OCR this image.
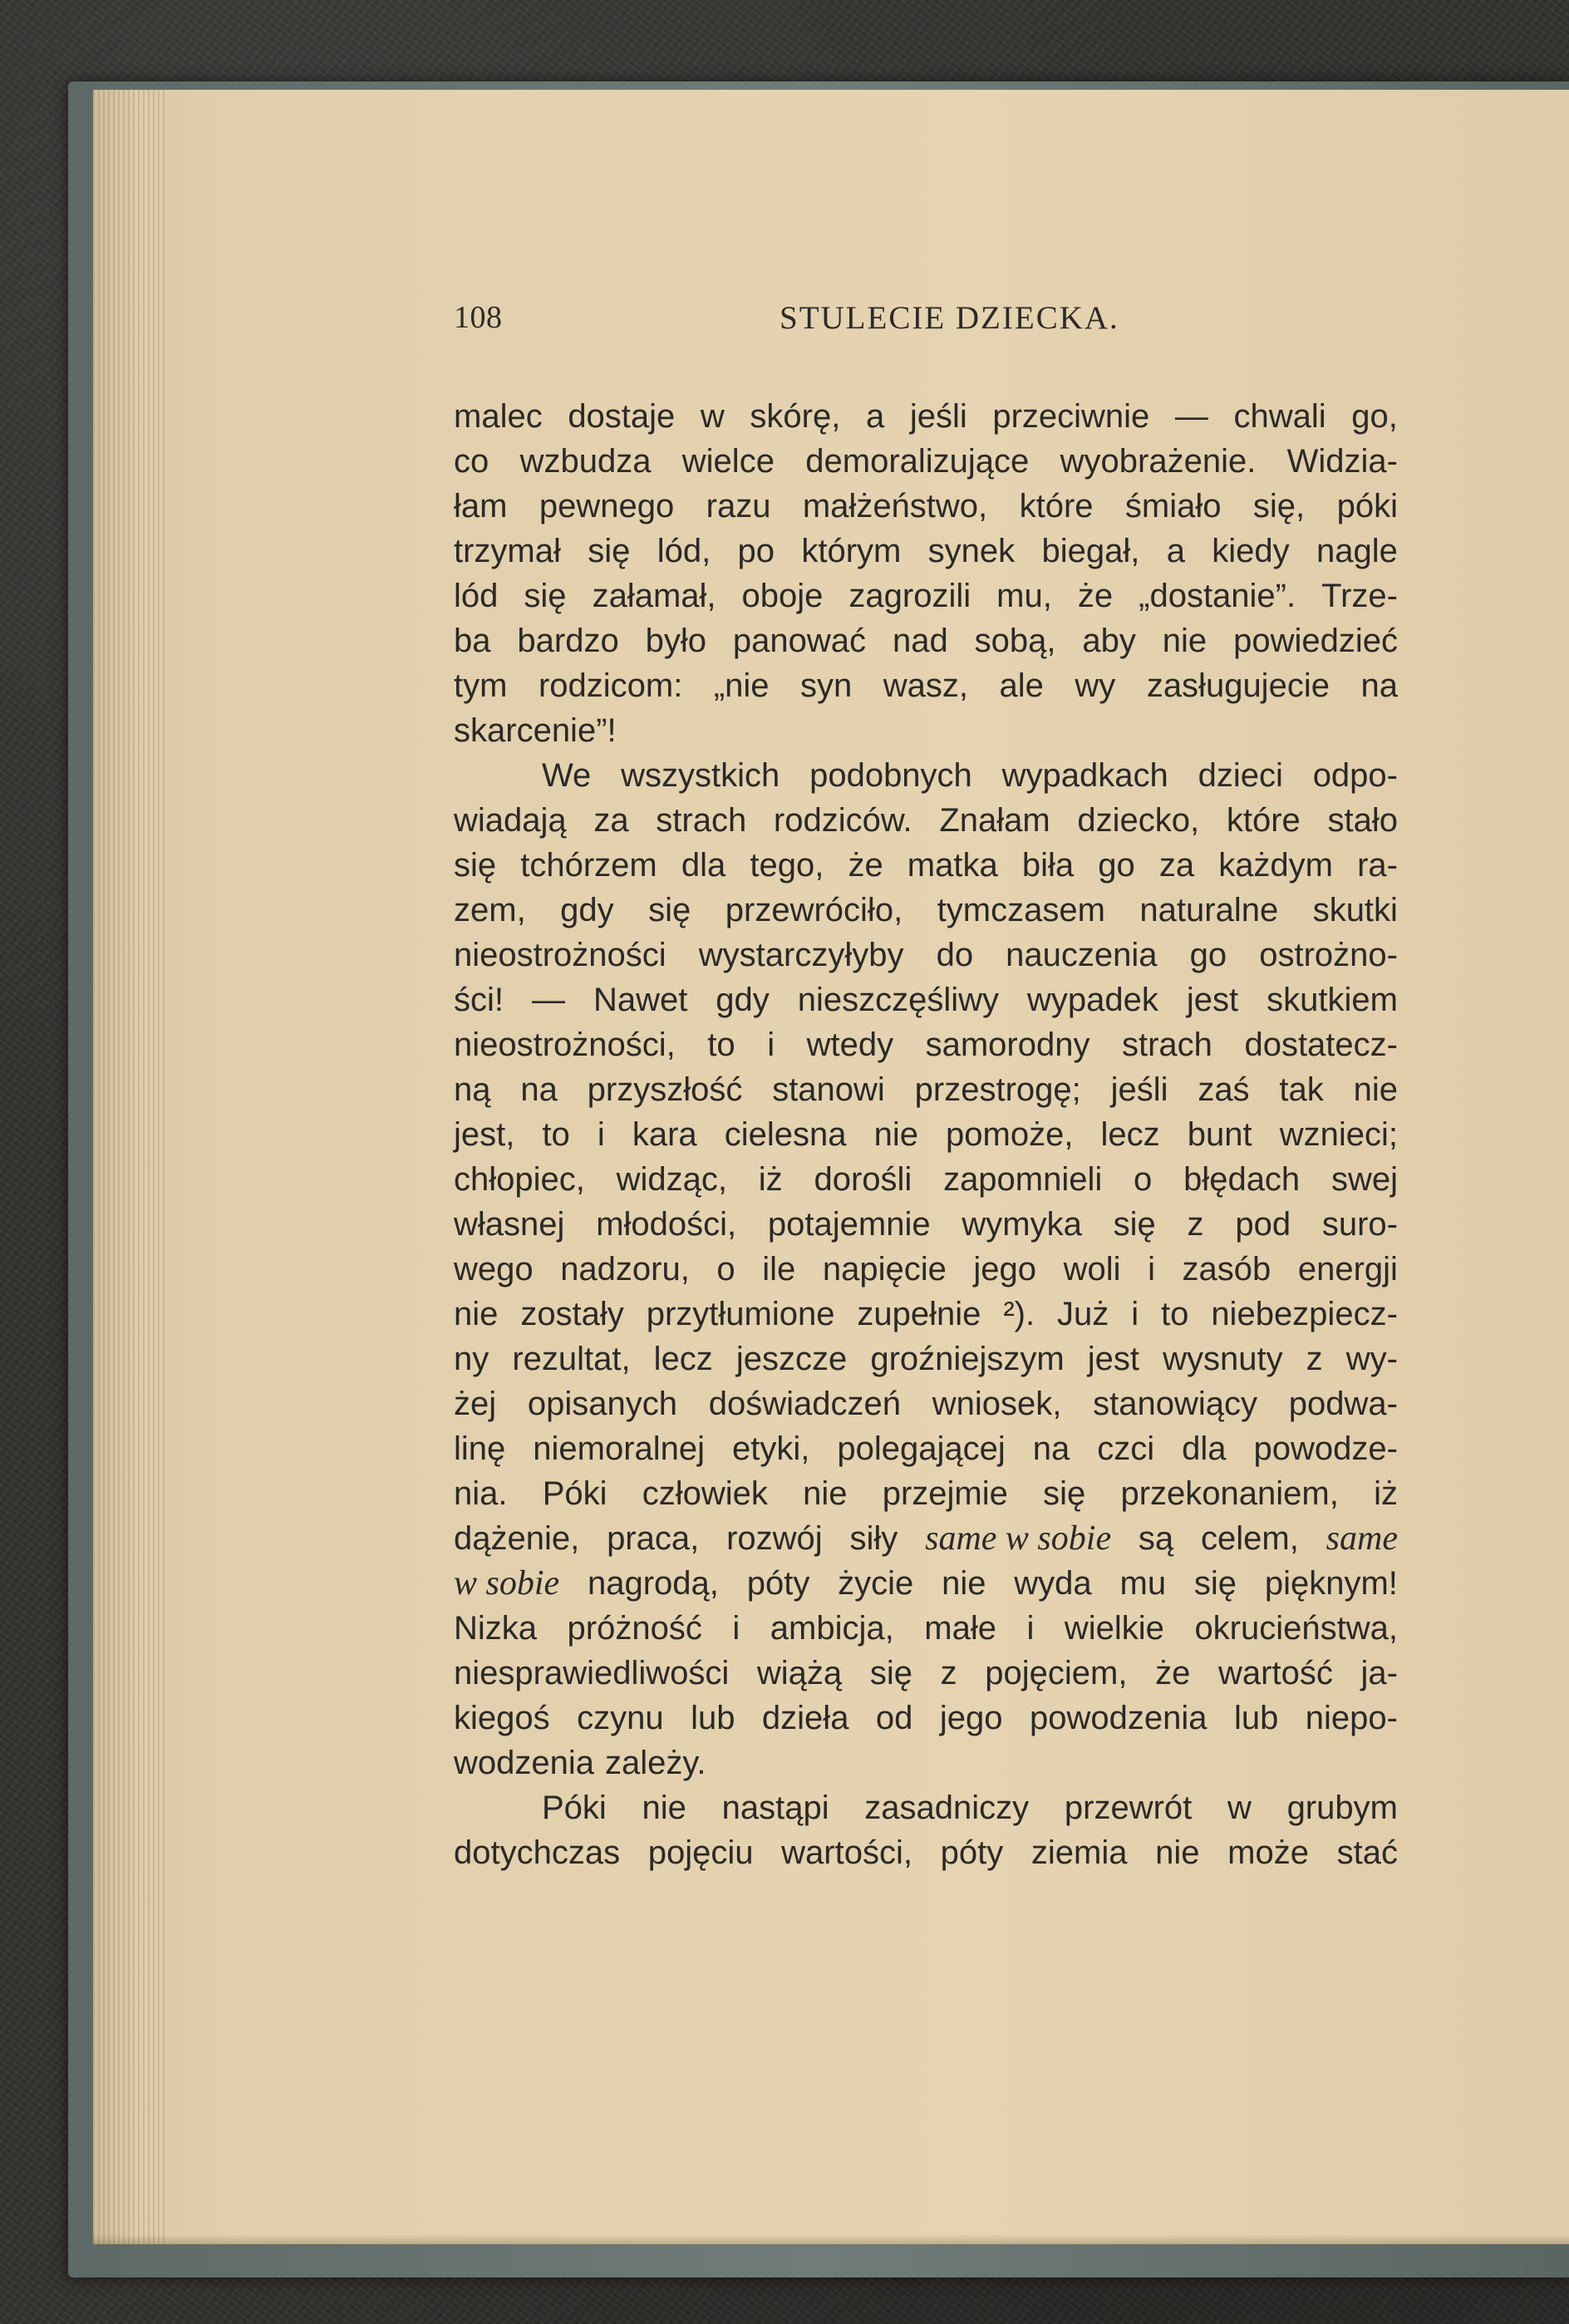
108	STULECIE DZIECKA.
malec dostaje w skórę, a jeśli przeciwnie — chwali go,
co wzbudza wielce demoralizujące wyobrażenie. Widzia-
łam pewnego razu małżeństwo, które śmiało się, póki
trzymał się lód, po którym synek biegał, a kiedy nagle
lód się załamał, oboje zagrozili mu, że „dostanie”. Trze-
ba bardzo było panować nad sobą, aby nie powiedzieć
tym rodzicom: „nie syn wasz, ale wy zasługujecie na
skarcenie”!
We wszystkich podobnych wypadkach dzieci odpo-
wiadają za strach rodziców. Znałam dziecko, które stało
się tchórzem dla tego, że matka biła go za każdym ra-
zem, gdy się przewróciło, tymczasem naturalne skutki
nieostrożności wystarczyłyby do nauczenia go ostrożno-
ści! — Nawet gdy nieszczęśliwy wypadek jest skutkiem
nieostrożności, to i wtedy samorodny strach dostatecz-
ną na przyszłość stanowi przestrogę; jeśli zaś tak nie
jest, to i kara cielesna nie pomoże, lecz bunt wznieci;
chłopiec, widząc, iż dorośli zapomnieli o błędach swej
własnej młodości, potajemnie wymyka się z pod suro-
wego nadzoru, o ile napięcie jego woli i zasób energji
nie zostały przytłumione zupełnie ²). Już i to niebezpiecz-
ny rezultat, lecz jeszcze groźniejszym jest wysnuty z wy-
żej opisanych doświadczeń wniosek, stanowiący podwa-
linę niemoralnej etyki, polegającej na czci dla powodze-
nia. Póki człowiek nie przejmie się przekonaniem, iż
dążenie, praca, rozwój siły same w sobie są celem, same
w sobie nagrodą, póty życie nie wyda mu się pięknym!
Nizka próżność i ambicja, małe i wielkie okrucieństwa,
niesprawiedliwości wiążą się z pojęciem, że wartość ja-
kiegoś czynu lub dzieła od jego powodzenia lub niepo-
wodzenia zależy.
Póki nie nastąpi zasadniczy przewrót w grubym
dotychczas pojęciu wartości, póty ziemia nie może stać
